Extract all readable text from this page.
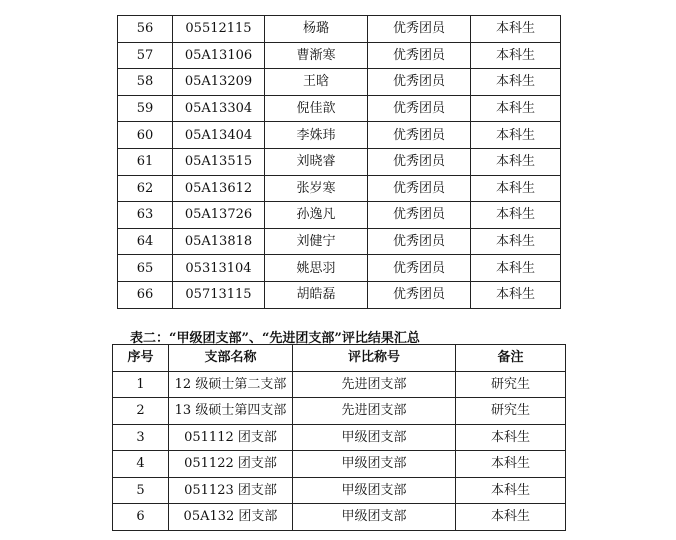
56	05512115	杨璐	优秀团员	本科生
57	05A13106	曹渐寒	优秀团员	本科生
58	05A13209	王晗	优秀团员	本科生
59	05A13304	倪佳歆	优秀团员	本科生
60	05A13404	李姝玮	优秀团员	本科生
61	05A13515	刘晓睿	优秀团员	本科生
62	05A13612	张岁寒	优秀团员	本科生
63	05A13726	孙逸凡	优秀团员	本科生
64	05A13818	刘健宁	优秀团员	本科生
65	05313104	姚思羽	优秀团员	本科生
66	05713115	胡皓磊	优秀团员	本科生
表二：“甲级团支部”、“先进团支部”评比结果汇总
序号	支部名称	评比称号	备注
1	12 级硕士第二支部	先进团支部	研究生
2	13 级硕士第四支部	先进团支部	研究生
3	051112 团支部	甲级团支部	本科生
4	051122 团支部	甲级团支部	本科生
5	051123 团支部	甲级团支部	本科生
6	05A132 团支部	甲级团支部	本科生
